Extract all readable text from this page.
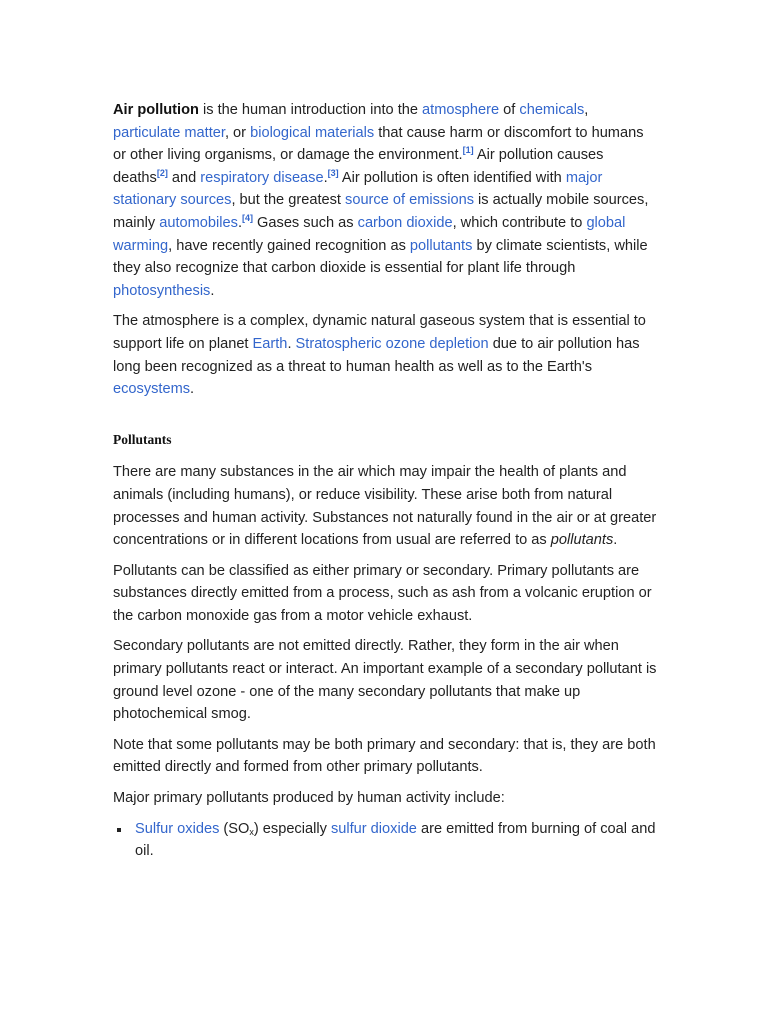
Air pollution is the human introduction into the atmosphere of chemicals,
particulate matter, or biological materials that cause harm or discomfort to humans or other living organisms, or damage the environment.[1] Air pollution causes deaths[2] and respiratory disease.[3] Air pollution is often identified with major stationary sources, but the greatest source of emissions is actually mobile sources, mainly automobiles.[4] Gases such as carbon dioxide, which contribute to global warming, have recently gained recognition as pollutants by climate scientists, while they also recognize that carbon dioxide is essential for plant life through photosynthesis.

The atmosphere is a complex, dynamic natural gaseous system that is essential to support life on planet Earth. Stratospheric ozone depletion due to air pollution has long been recognized as a threat to human health as well as to the Earth's ecosystems.

Pollutants

There are many substances in the air which may impair the health of plants and animals (including humans), or reduce visibility. These arise both from natural processes and human activity. Substances not naturally found in the air or at greater concentrations or in different locations from usual are referred to as pollutants.

Pollutants can be classified as either primary or secondary. Primary pollutants are substances directly emitted from a process, such as ash from a volcanic eruption or the carbon monoxide gas from a motor vehicle exhaust.

Secondary pollutants are not emitted directly. Rather, they form in the air when primary pollutants react or interact. An important example of a secondary pollutant is ground level ozone - one of the many secondary pollutants that make up photochemical smog.

Note that some pollutants may be both primary and secondary: that is, they are both emitted directly and formed from other primary pollutants.

Major primary pollutants produced by human activity include:

Sulfur oxides $(SO_x)$ especially sulfur dioxide are emitted from burning of coal and oil.
